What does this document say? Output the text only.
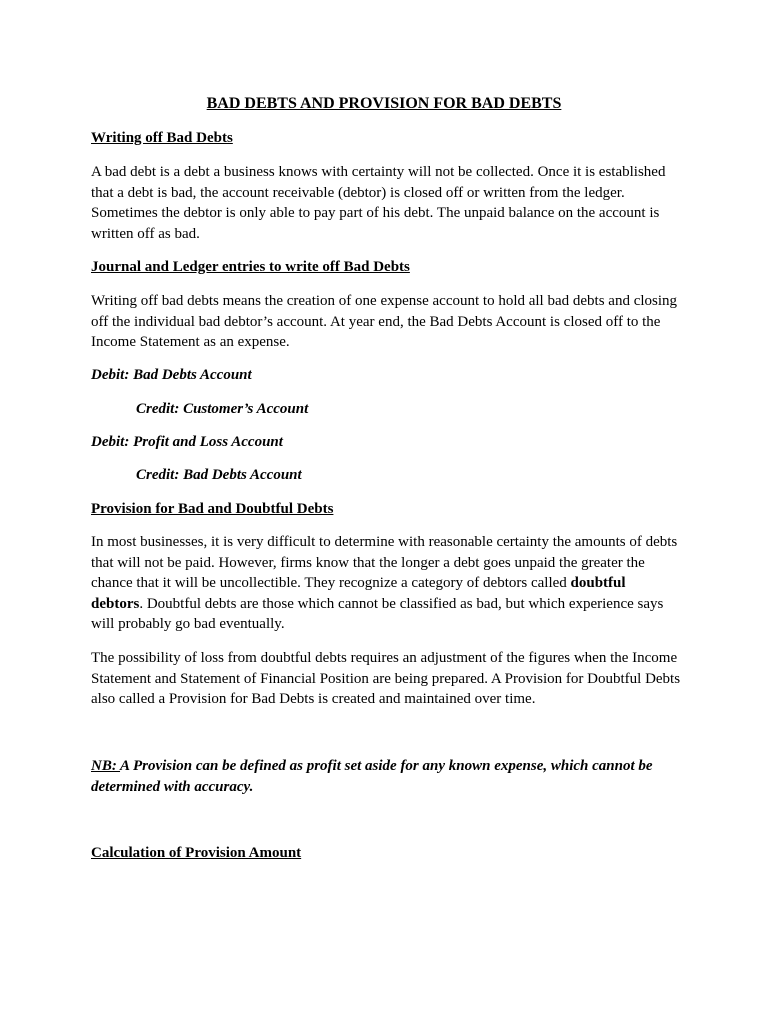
BAD DEBTS AND PROVISION FOR BAD DEBTS

Writing off Bad Debts

A bad debt is a debt a business knows with certainty will not be collected. Once it is established that a debt is bad, the account receivable (debtor) is closed off or written from the ledger. Sometimes the debtor is only able to pay part of his debt. The unpaid balance on the account is written off as bad.

Journal and Ledger entries to write off Bad Debts

Writing off bad debts means the creation of one expense account to hold all bad debts and closing off the individual bad debtor’s account. At year end, the Bad Debts Account is closed off to the Income Statement as an expense.

Debit: Bad Debts Account

Credit: Customer’s Account

Debit: Profit and Loss Account

Credit: Bad Debts Account

Provision for Bad and Doubtful Debts

In most businesses, it is very difficult to determine with reasonable certainty the amounts of debts that will not be paid. However, firms know that the longer a debt goes unpaid the greater the chance that it will be uncollectible. They recognize a category of debtors called doubtful debtors. Doubtful debts are those which cannot be classified as bad, but which experience says will probably go bad eventually.

The possibility of loss from doubtful debts requires an adjustment of the figures when the Income Statement and Statement of Financial Position are being prepared. A Provision for Doubtful Debts also called a Provision for Bad Debts is created and maintained over time.

NB: A Provision can be defined as profit set aside for any known expense, which cannot be determined with accuracy.

Calculation of Provision Amount
